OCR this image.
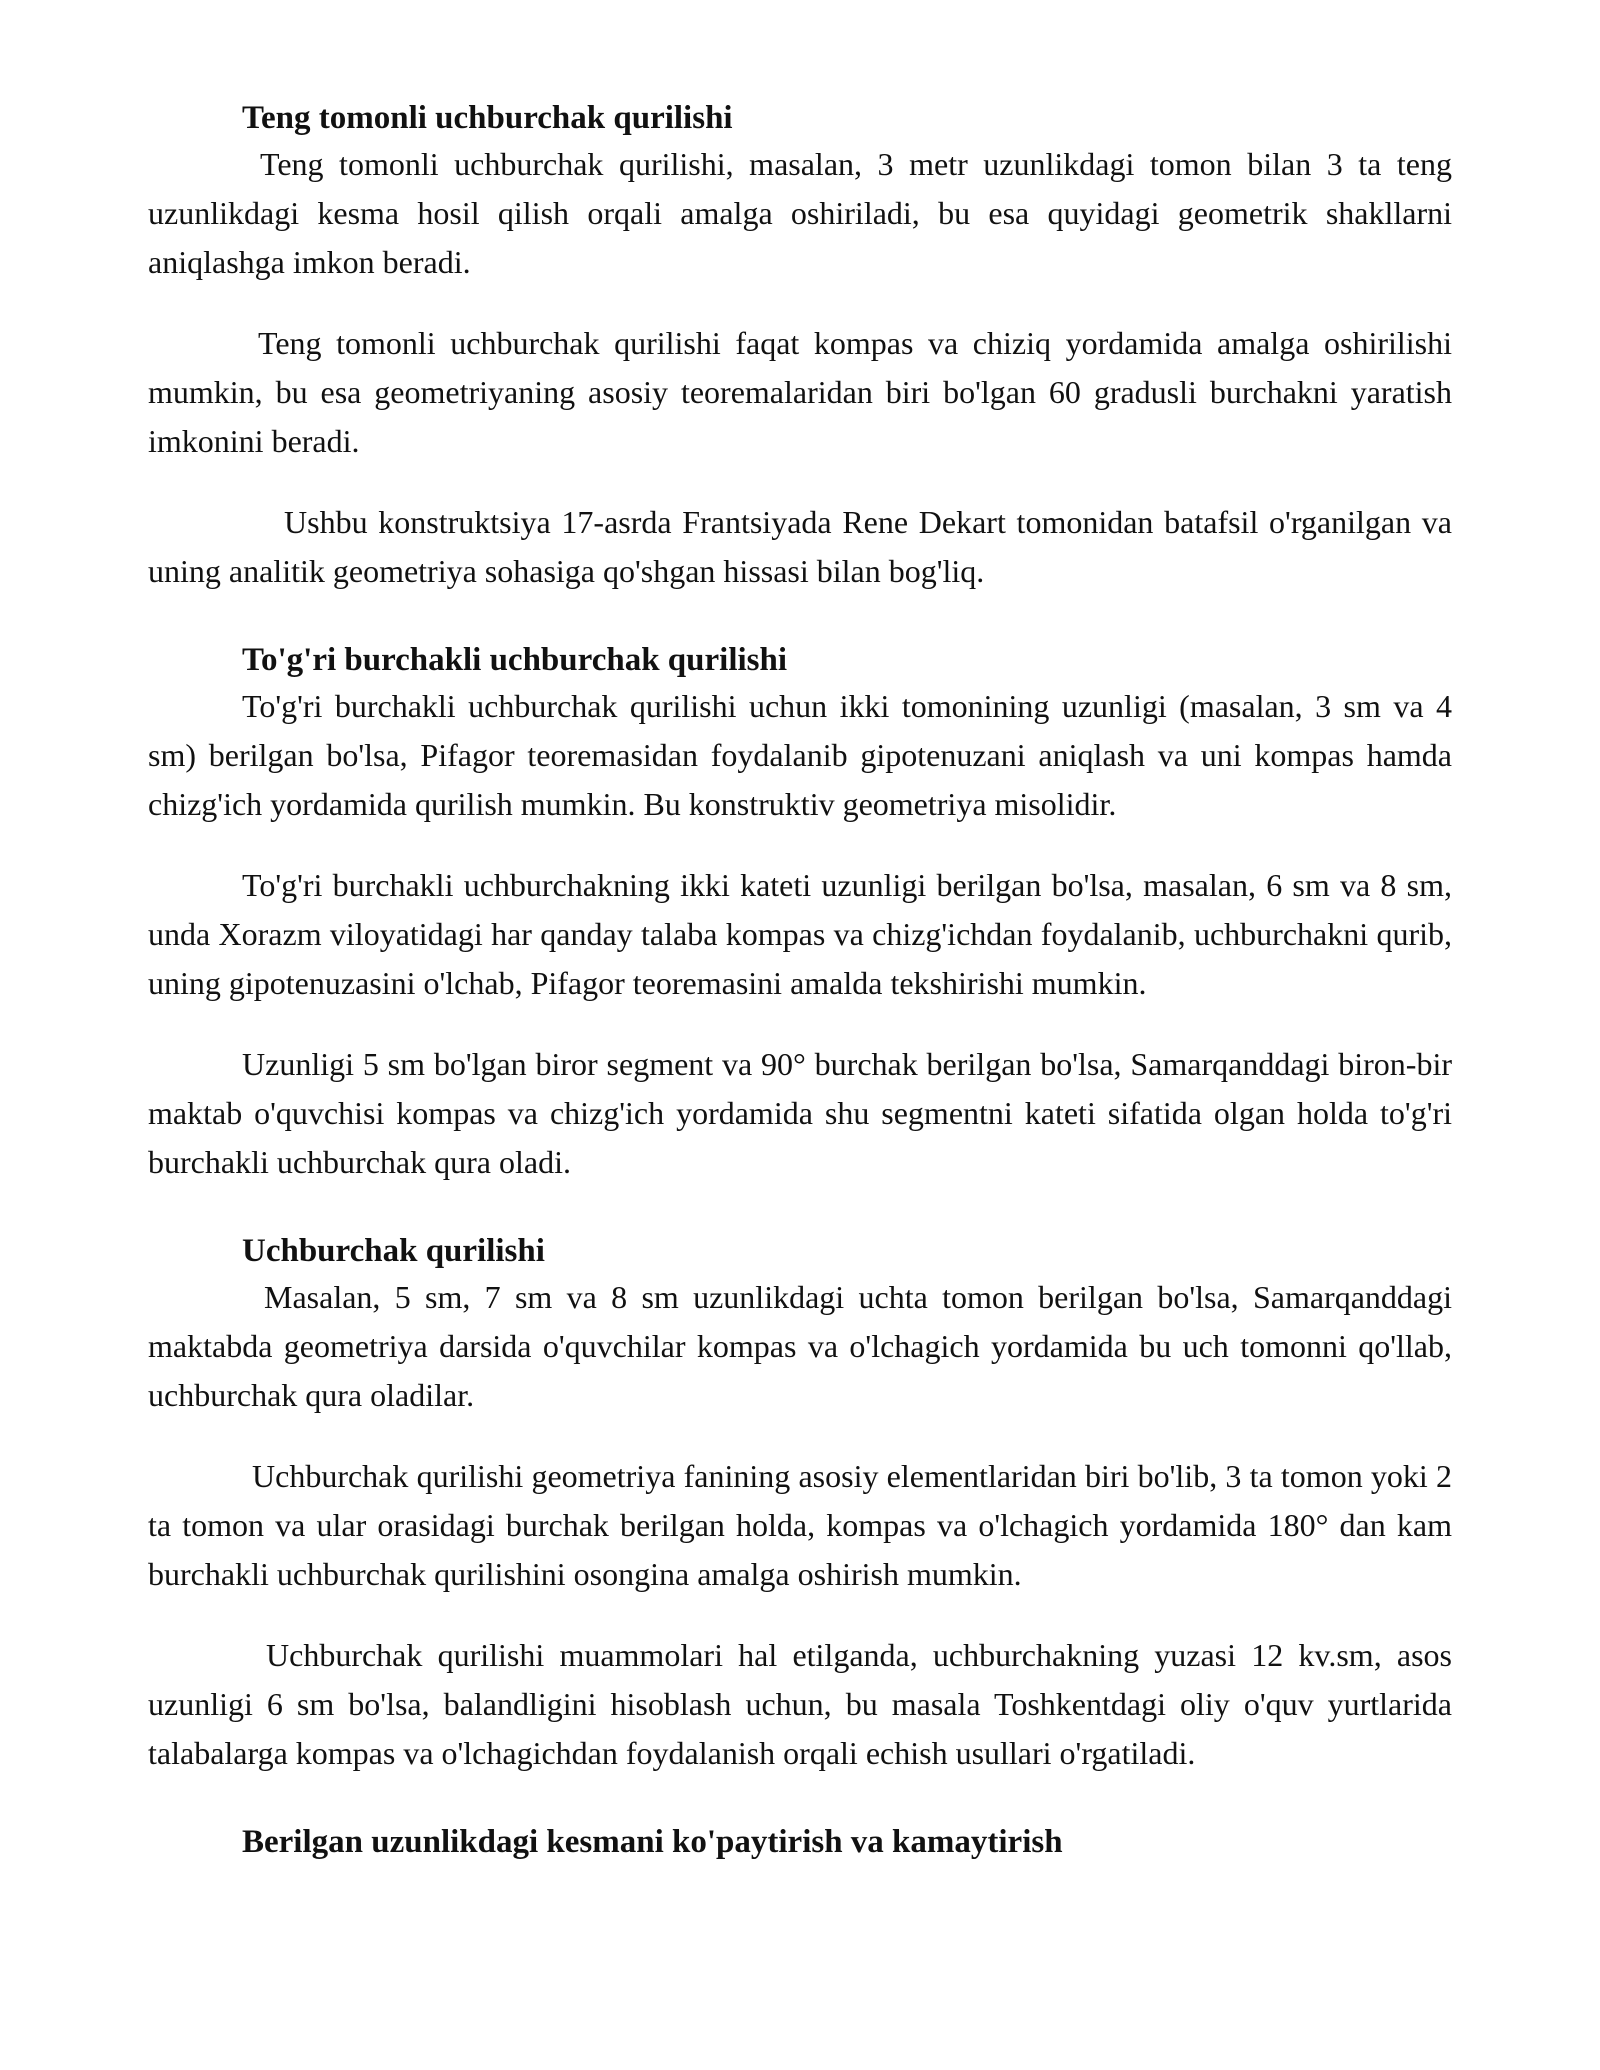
Teng tomonli uchburchak qurilishi

Teng tomonli uchburchak qurilishi, masalan, 3 metr uzunlikdagi tomon bilan 3 ta teng uzunlikdagi kesma hosil qilish orqali amalga oshiriladi, bu esa quyidagi geometrik shakllarni aniqlashga imkon beradi.

Teng tomonli uchburchak qurilishi faqat kompas va chiziq yordamida amalga oshirilishi mumkin, bu esa geometriyaning asosiy teoremalaridan biri bo'lgan 60 gradusli burchakni yaratish imkonini beradi.

Ushbu konstruktsiya 17-asrda Frantsiyada Rene Dekart tomonidan batafsil o'rganilgan va uning analitik geometriya sohasiga qo'shgan hissasi bilan bog'liq.

To'g'ri burchakli uchburchak qurilishi

To'g'ri burchakli uchburchak qurilishi uchun ikki tomonining uzunligi (masalan, 3 sm va 4 sm) berilgan bo'lsa, Pifagor teoremasidan foydalanib gipotenuzani aniqlash va uni kompas hamda chizg'ich yordamida qurilish mumkin. Bu konstruktiv geometriya misolidir.

To'g'ri burchakli uchburchakning ikki kateti uzunligi berilgan bo'lsa, masalan, 6 sm va 8 sm, unda Xorazm viloyatidagi har qanday talaba kompas va chizg'ichdan foydalanib, uchburchakni qurib, uning gipotenuzasini o'lchab, Pifagor teoremasini amalda tekshirishi mumkin.

Uzunligi 5 sm bo'lgan biror segment va 90° burchak berilgan bo'lsa, Samarqanddagi biron-bir maktab o'quvchisi kompas va chizg'ich yordamida shu segmentni kateti sifatida olgan holda to'g'ri burchakli uchburchak qura oladi.

Uchburchak qurilishi

Masalan, 5 sm, 7 sm va 8 sm uzunlikdagi uchta tomon berilgan bo'lsa, Samarqanddagi maktabda geometriya darsida o'quvchilar kompas va o'lchagich yordamida bu uch tomonni qo'llab, uchburchak qura oladilar.

Uchburchak qurilishi geometriya fanining asosiy elementlaridan biri bo'lib, 3 ta tomon yoki 2 ta tomon va ular orasidagi burchak berilgan holda, kompas va o'lchagich yordamida 180° dan kam burchakli uchburchak qurilishini osongina amalga oshirish mumkin.

Uchburchak qurilishi muammolari hal etilganda, uchburchakning yuzasi 12 kv.sm, asos uzunligi 6 sm bo'lsa, balandligini hisoblash uchun, bu masala Toshkentdagi oliy o'quv yurtlarida talabalarga kompas va o'lchagichdan foydalanish orqali echish usullari o'rgatiladi.

Berilgan uzunlikdagi kesmani ko'paytirish va kamaytirish
